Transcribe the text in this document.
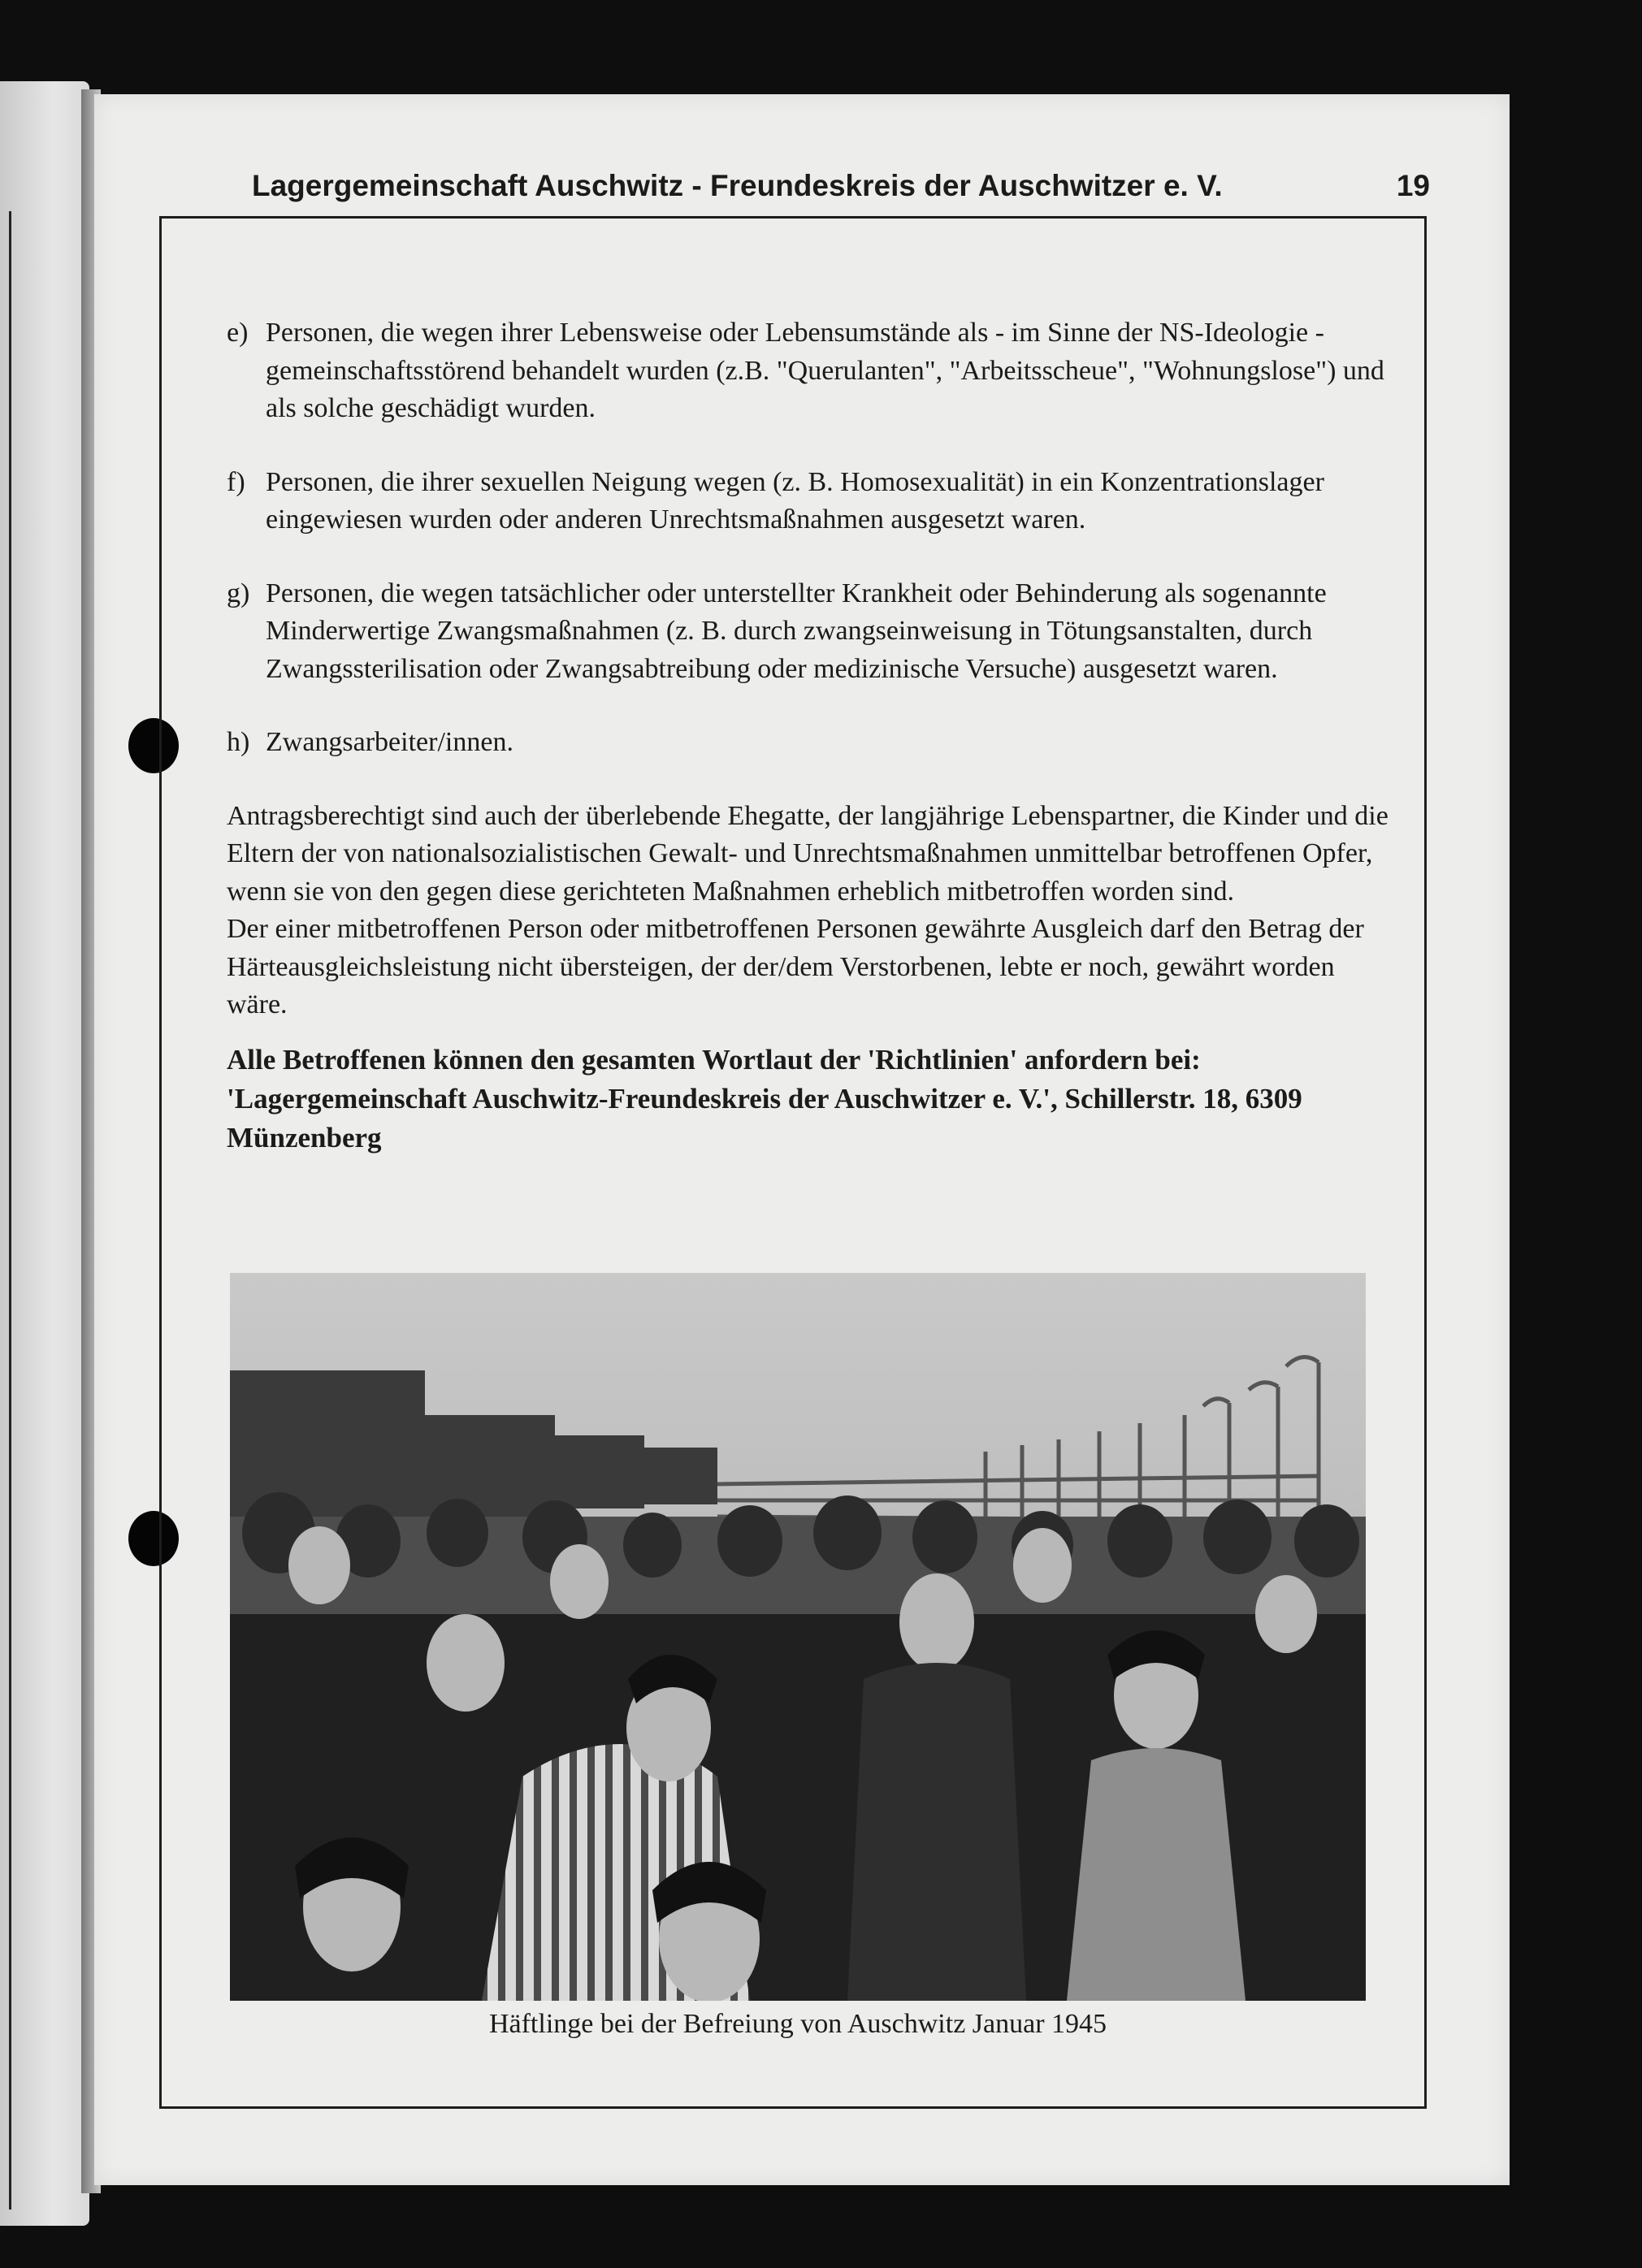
Lagergemeinschaft Auschwitz - Freundeskreis der Auschwitzer e. V.	19
e) Personen, die wegen ihrer Lebensweise oder Lebensumstände als - im Sinne der NS-Ideologie - gemeinschaftsstörend behandelt wurden (z.B. "Querulanten", "Arbeitsscheue", "Wohnungslose") und als solche geschädigt wurden.
f) Personen, die ihrer sexuellen Neigung wegen (z. B. Homosexualität) in ein Konzentrationslager eingewiesen wurden oder anderen Unrechtsmaßnahmen ausgesetzt waren.
g) Personen, die wegen tatsächlicher oder unterstellter Krankheit oder Behinderung als sogenannte Minderwertige Zwangsmaßnahmen (z. B. durch zwangseinweisung in Tötungsanstalten, durch Zwangssterilisation oder Zwangsabtreibung oder medizinische Versuche) ausgesetzt waren.
h) Zwangsarbeiter/innen.

Antragsberechtigt sind auch der überlebende Ehegatte, der langjährige Lebenspartner, die Kinder und die Eltern der von nationalsozialistischen Gewalt- und Unrechtsmaßnahmen unmittelbar betroffenen Opfer, wenn sie von den gegen diese gerichteten Maßnahmen erheblich mitbetroffen worden sind.

Der einer mitbetroffenen Person oder mitbetroffenen Personen gewährte Ausgleich darf den Betrag der Härteausgleichsleistung nicht übersteigen, der der/dem Verstorbenen, lebte er noch, gewährt worden wäre.

Alle Betroffenen können den gesamten Wortlaut der 'Richtlinien' anfordern bei: 'Lagergemeinschaft Auschwitz-Freundeskreis der Auschwitzer e. V.', Schillerstr. 18, 6309 Münzenberg
Häftlinge bei der Befreiung von Auschwitz Januar 1945
